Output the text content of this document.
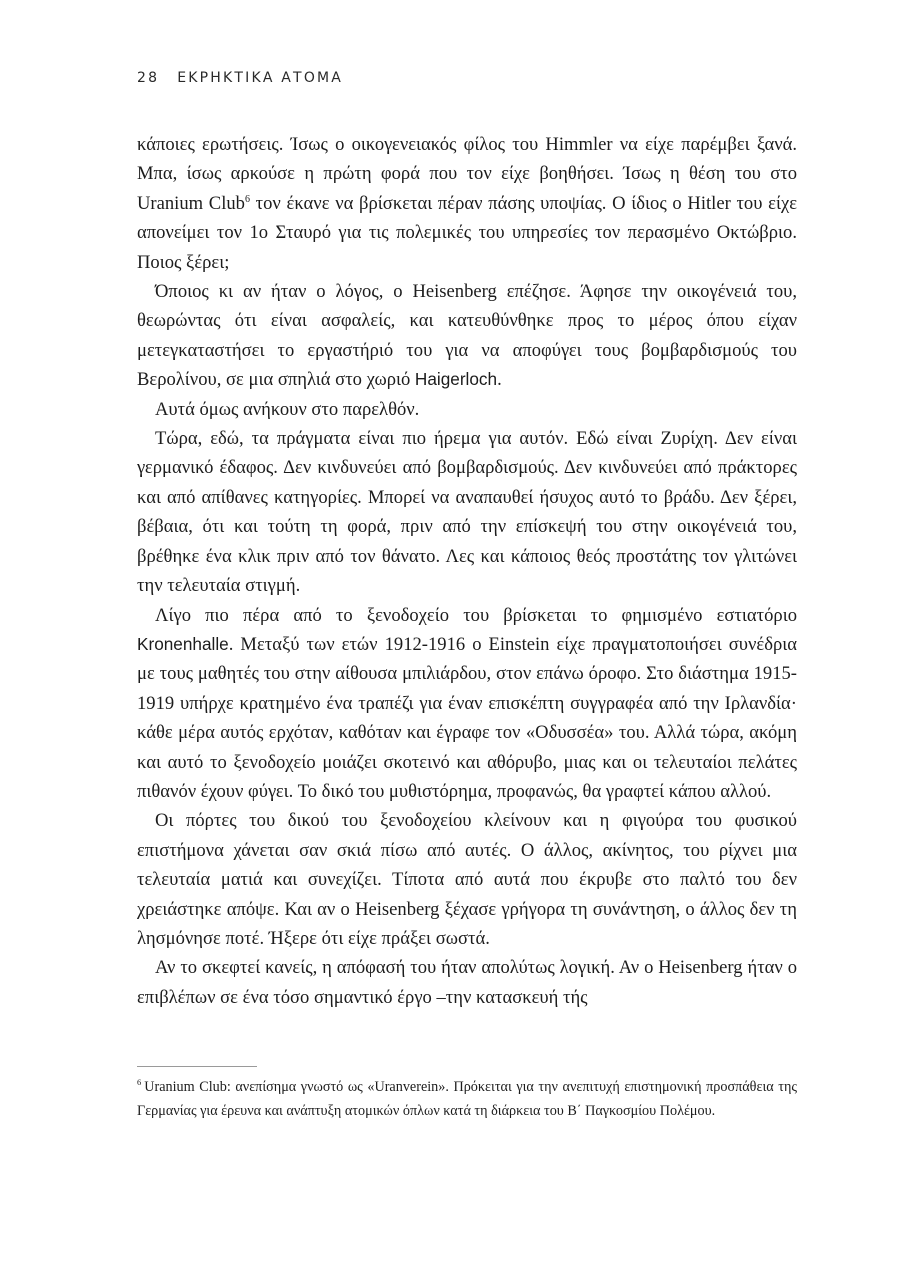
28 ΕΚΡΗΚΤΙΚΑ ΑΤΟΜΑ

κάποιες ερωτήσεις. Ίσως ο οικογενειακός φίλος του Himmler να είχε παρέμβει ξανά. Μπα, ίσως αρκούσε η πρώτη φορά που τον είχε βοηθήσει. Ίσως η θέση του στο Uranium Club$^6$ τον έκανε να βρίσκεται πέραν πάσης υποψίας. Ο ίδιος ο Hitler του είχε απονείμει τον 1ο Σταυρό για τις πολεμικές του υπηρεσίες τον περασμένο Οκτώβριο. Ποιος ξέρει;

Όποιος κι αν ήταν ο λόγος, ο Heisenberg επέζησε. Άφησε την οικογένειά του, θεωρώντας ότι είναι ασφαλείς, και κατευθύνθηκε προς το μέρος όπου είχαν μετεγκαταστήσει το εργαστήριό του για να αποφύγει τους βομβαρδισμούς του Βερολίνου, σε μια σπηλιά στο χωριό Haigerloch.

Αυτά όμως ανήκουν στο παρελθόν.

Τώρα, εδώ, τα πράγματα είναι πιο ήρεμα για αυτόν. Εδώ είναι Ζυρίχη. Δεν είναι γερμανικό έδαφος. Δεν κινδυνεύει από βομβαρδισμούς. Δεν κινδυνεύει από πράκτορες και από απίθανες κατηγορίες. Μπορεί να αναπαυθεί ήσυχος αυτό το βράδυ. Δεν ξέρει, βέβαια, ότι και τούτη τη φορά, πριν από την επίσκεψή του στην οικογένειά του, βρέθηκε ένα κλικ πριν από τον θάνατο. Λες και κάποιος θεός προστάτης τον γλιτώνει την τελευταία στιγμή.

Λίγο πιο πέρα από το ξενοδοχείο του βρίσκεται το φημισμένο εστιατόριο Kronenhalle. Μεταξύ των ετών 1912-1916 ο Einstein είχε πραγματοποιήσει συνέδρια με τους μαθητές του στην αίθουσα μπιλιάρδου, στον επάνω όροφο. Στο διάστημα 1915-1919 υπήρχε κρατημένο ένα τραπέζι για έναν επισκέπτη συγγραφέα από την Ιρλανδία· κάθε μέρα αυτός ερχόταν, καθόταν και έγραφε τον «Οδυσσέα» του. Αλλά τώρα, ακόμη και αυτό το ξενοδοχείο μοιάζει σκοτεινό και αθόρυβο, μιας και οι τελευταίοι πελάτες πιθανόν έχουν φύγει. Το δικό του μυθιστόρημα, προφανώς, θα γραφτεί κάπου αλλού.

Οι πόρτες του δικού του ξενοδοχείου κλείνουν και η φιγούρα του φυσικού επιστήμονα χάνεται σαν σκιά πίσω από αυτές. Ο άλλος, ακίνητος, του ρίχνει μια τελευταία ματιά και συνεχίζει. Τίποτα από αυτά που έκρυβε στο παλτό του δεν χρειάστηκε απόψε. Και αν ο Heisenberg ξέχασε γρήγορα τη συνάντηση, ο άλλος δεν τη λησμόνησε ποτέ. Ήξερε ότι είχε πράξει σωστά.

Αν το σκεφτεί κανείς, η απόφασή του ήταν απολύτως λογική. Αν ο Heisenberg ήταν ο επιβλέπων σε ένα τόσο σημαντικό έργο –την κατασκευή τής

$^6$ Uranium Club: ανεπίσημα γνωστό ως «Uranverein». Πρόκειται για την ανεπιτυχή επιστημονική προσπάθεια της Γερμανίας για έρευνα και ανάπτυξη ατομικών όπλων κατά τη διάρκεια του Β΄ Παγκοσμίου Πολέμου.
